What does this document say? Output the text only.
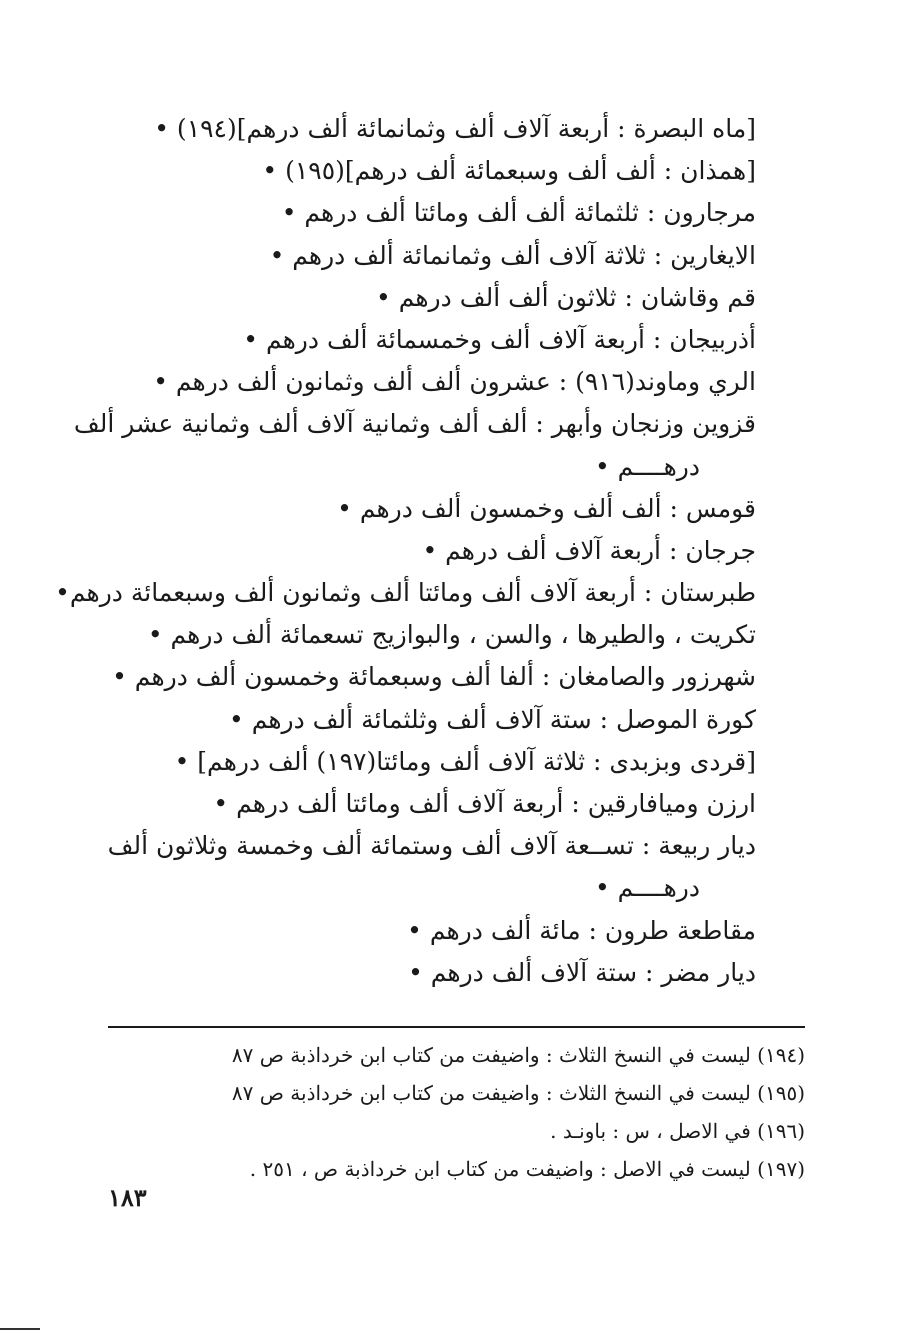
[ماه البصرة : أربعة آلاف ألف وثمانمائة ألف درهم](١٩٤) •
[همذان : ألف ألف وسبعمائة ألف درهم](١٩٥) •
مرجارون : ثلثمائة ألف ألف ومائتا ألف درهم •
الايغارين : ثلاثة آلاف ألف وثمانمائة ألف درهم •
قم وقاشان : ثلاثون ألف ألف درهم •
أذربيجان : أربعة آلاف ألف وخمسمائة ألف درهم •
الري وماوند(٩١٦) : عشرون ألف ألف وثمانون ألف درهم •
قزوين وزنجان وأبهر : ألف ألف وثمانية آلاف ألف وثمانية عشر ألف
درهــــم •
قومس : ألف ألف وخمسون ألف درهم •
جرجان : أربعة آلاف ألف درهم •
طبرستان : أربعة آلاف ألف ومائتا ألف وثمانون ألف وسبعمائة درهم•
تكريت ، والطيرها ، والسن ، والبوازيج تسعمائة ألف درهم •
شهرزور والصامغان : ألفا ألف وسبعمائة وخمسون ألف درهم •
كورة الموصل : ستة آلاف ألف وثلثمائة ألف درهم •
[قردى وبزبدى : ثلاثة آلاف ألف ومائتا(١٩٧) ألف درهم] •
ارزن وميافارقين : أربعة آلاف ألف ومائتا ألف درهم •
ديار ربيعة : تســعة آلاف ألف وستمائة ألف وخمسة وثلاثون ألف
درهــــم •
مقاطعة طرون : مائة ألف درهم •
ديار مضر : ستة آلاف ألف درهم •
(١٩٤) ليست في النسخ الثلاث : واضيفت من كتاب ابن خرداذبة ص ٨٧
(١٩٥) ليست في النسخ الثلاث : واضيفت من كتاب ابن خرداذبة ص ٨٧
(١٩٦) في الاصل ، س : باونـد .
(١٩٧) ليست في الاصل : واضيفت من كتاب ابن خرداذبة ص ، ٢٥١ .
١٨٣
